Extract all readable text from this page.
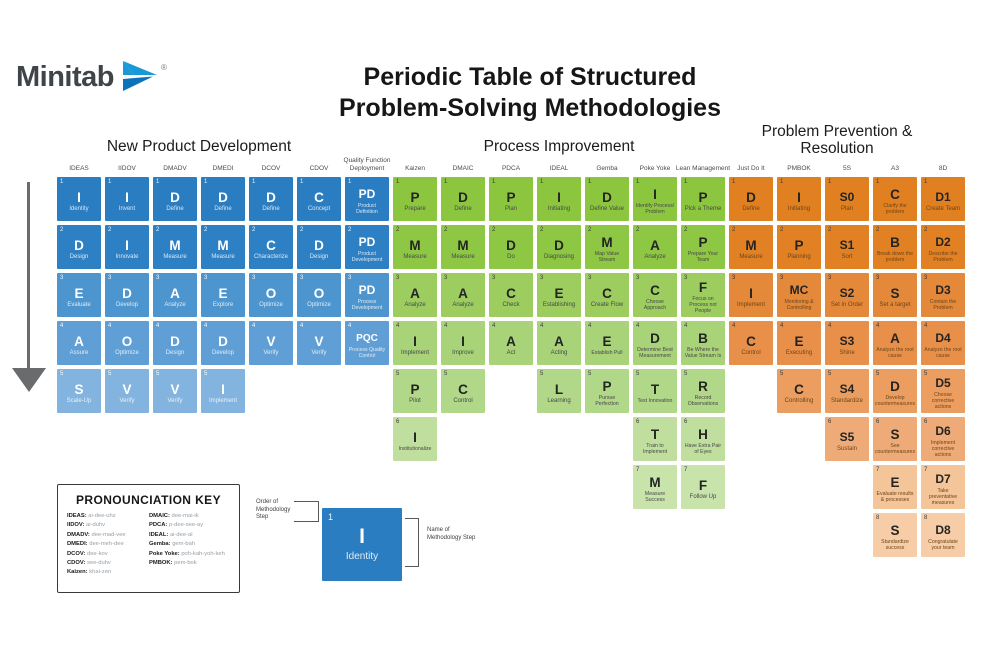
Minitab	®	Periodic Table of Structured
Problem-Solving Methodologies
New Product Development	Process Improvement
Problem Prevention & Resolution
IDEAS
1
I
Identity
2
D
Design
3
E
Evaluate
4
A
Assure
5
S
Scale-Up
IIDOV
1
I
Invent
2
I
Innovate
3
D
Develop
4
O
Optimize
5
V
Verify
DMADV
1
D
Define
2
M
Measure
3
A
Analyze
4
D
Design
5
V
Verify
DMEDI
1
D
Define
2
M
Measure
3
E
Explore
4
D
Develop
5
I
Implement
DCOV
1
D
Define
2
C
Characterize
3
O
Optimize
4
V
Verify
CDOV
1
C
Concept
2
D
Design
3
O
Optimize
4
V
Verify
Quality Function Deployment
1
PD
Product Definition
2
PD
Product Development
3
PD
Process Development
4
PQC
Process Quality Control
Kaizen
1
P
Prepare
2
M
Measure
3
A
Analyze
4
I
Implement
5
P
Pilot
6
I
Institutionalize
DMAIC
1
D
Define
2
M
Measure
3
A
Analyze
4
I
Improve
5
C
Control
PDCA
1
P
Plan
2
D
Do
3
C
Check
4
A
Act
IDEAL
1
I
Initiating
2
D
Diagnosing
3
E
Establishing
4
A
Acting
5
L
Learning
Gemba
1
D
Define Value
2
M
Map Value Stream
3
C
Create Flow
4
E
Establish Pull
5
P
Pursue Perfection
Poke Yoke
1
I
Identify Process/ Problem
2
A
Analyze
3
C
Choose Approach
4
D
Determine Best Measurement
5
T
Test Innovation
6
T
Train to Implement
7
M
Measure Success
Lean Management
1
P
Pick a Theme
2
P
Prepare Your Team
3
F
Focus on Process not People
4
B
Be Where the Value Stream Is
5
R
Record Observations
6
H
Have Extra Pair of Eyes
7
F
Follow Up
Just Do It
1
D
Define
2
M
Measure
3
I
Implement
4
C
Control
PMBOK
1
I
Initiating
2
P
Planning
3
MC
Monitoring & Controlling
4
E
Executing
5
C
Controlling
5S
1
S0
Plan
2
S1
Sort
3
S2
Set in Order
4
S3
Shine
5
S4
Standardize
6
S5
Sustain
A3
1
C
Clarify the problem
2
B
Break down the problem
3
S
Set a target
4
A
Analyze the root cause
5
D
Develop countermeasures
6
S
See countermeasures
7
E
Evaluate results & processes
8
S
Standardize success
8D
1
D1
Create Team
2
D2
Describe the Problem
3
D3
Contain the Problem
4
D4
Analyze the root cause
5
D5
Choose corrective actions
6
D6
Implement corrective actions
7
D7
Take preventative measures
8
D8
Congratulate your team
PRONOUNCIATION KEY
IDEAS: ai-dee-uhz
IIDOV: ai-duhv
DMADV: dee-mad-vee
DMEDI: dee-meh-dee
DCOV: dee-kov
CDOV: see-duhv
Kaizen: khai-zen
DMAIC: dee-mai-ik
PDCA: p-dee-see-ay
IDEAL: ai-dee-al
Gemba: gem-bah
Poke Yoke: poh-kah-yoh-keh
PMBOK: pem-bok
Order of Methodology Step	1
I
Identity
Name of Methodology Step
